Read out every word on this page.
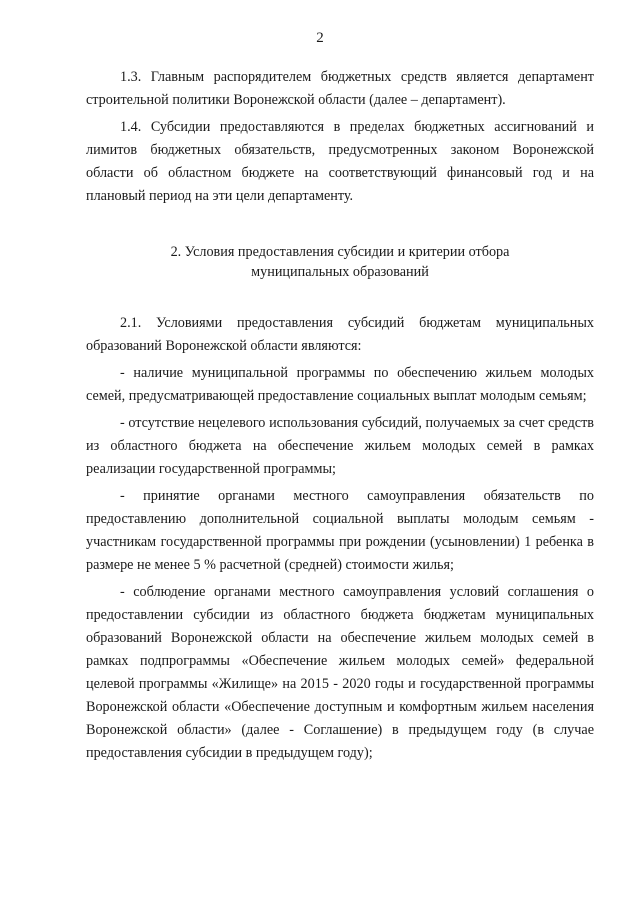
2

1.3. Главным распорядителем бюджетных средств является департамент строительной политики Воронежской области (далее – департамент).

1.4. Субсидии предоставляются в пределах бюджетных ассигнований и лимитов бюджетных обязательств, предусмотренных законом Воронежской области об областном бюджете на соответствующий финансовый год и на плановый период на эти цели департаменту.

2. Условия предоставления субсидии и критерии отбора
муниципальных образований

2.1. Условиями предоставления субсидий бюджетам муниципальных образований Воронежской области являются:

- наличие муниципальной программы по обеспечению жильем молодых семей, предусматривающей предоставление социальных выплат молодым семьям;

- отсутствие нецелевого использования субсидий, получаемых за счет средств из областного бюджета на обеспечение жильем молодых семей в рамках реализации государственной программы;

- принятие органами местного самоуправления обязательств по предоставлению дополнительной социальной выплаты молодым семьям - участникам государственной программы при рождении (усыновлении) 1 ребенка в размере не менее 5 % расчетной (средней) стоимости жилья;

- соблюдение органами местного самоуправления условий соглашения о предоставлении субсидии из областного бюджета бюджетам муниципальных образований Воронежской области на обеспечение жильем молодых семей в рамках подпрограммы «Обеспечение жильем молодых семей» федеральной целевой программы «Жилище» на 2015 - 2020 годы и государственной программы Воронежской области «Обеспечение доступным и комфортным жильем населения Воронежской области» (далее - Соглашение) в предыдущем году (в случае предоставления субсидии в предыдущем году);
